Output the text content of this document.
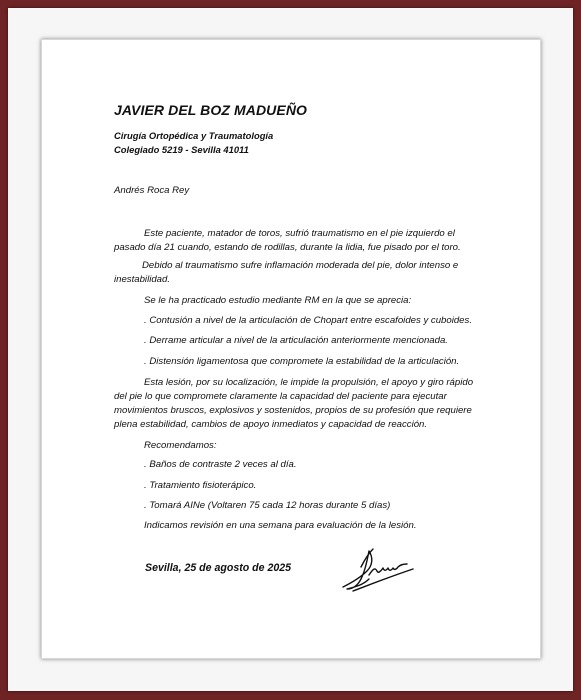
JAVIER DEL BOZ MADUEÑO
Cirugía Ortopédica y Traumatología
Colegiado 5219 - Sevilla 41011
Andrés Roca Rey
Este paciente, matador de toros, sufrió traumatismo en el pie izquierdo el pasado día 21 cuando, estando de rodillas, durante la lidia, fue pisado por el toro.
Debido al traumatismo sufre inflamación moderada del pie, dolor intenso e inestabilidad.
Se le ha practicado estudio mediante RM en la que se aprecia:
. Contusión a nivel de la articulación de Chopart entre escafoides y cuboides.
. Derrame articular a nivel de la articulación anteriormente mencionada.
. Distensión ligamentosa que compromete la estabilidad de la articulación.
Esta lesión, por su localización, le impide la propulsión, el apoyo y giro rápido del pie lo que compromete claramente la capacidad del paciente para ejecutar movimientos bruscos, explosivos y sostenidos, propios de su profesión que requiere plena estabilidad, cambios de apoyo inmediatos y capacidad de reacción.
Recomendamos:
. Baños de contraste 2 veces al día.
. Tratamiento fisioterápico.
. Tomará AINe (Voltaren 75 cada 12 horas durante 5 días)
Indicamos revisión en una semana para evaluación de la lesión.
Sevilla, 25 de agosto de 2025
